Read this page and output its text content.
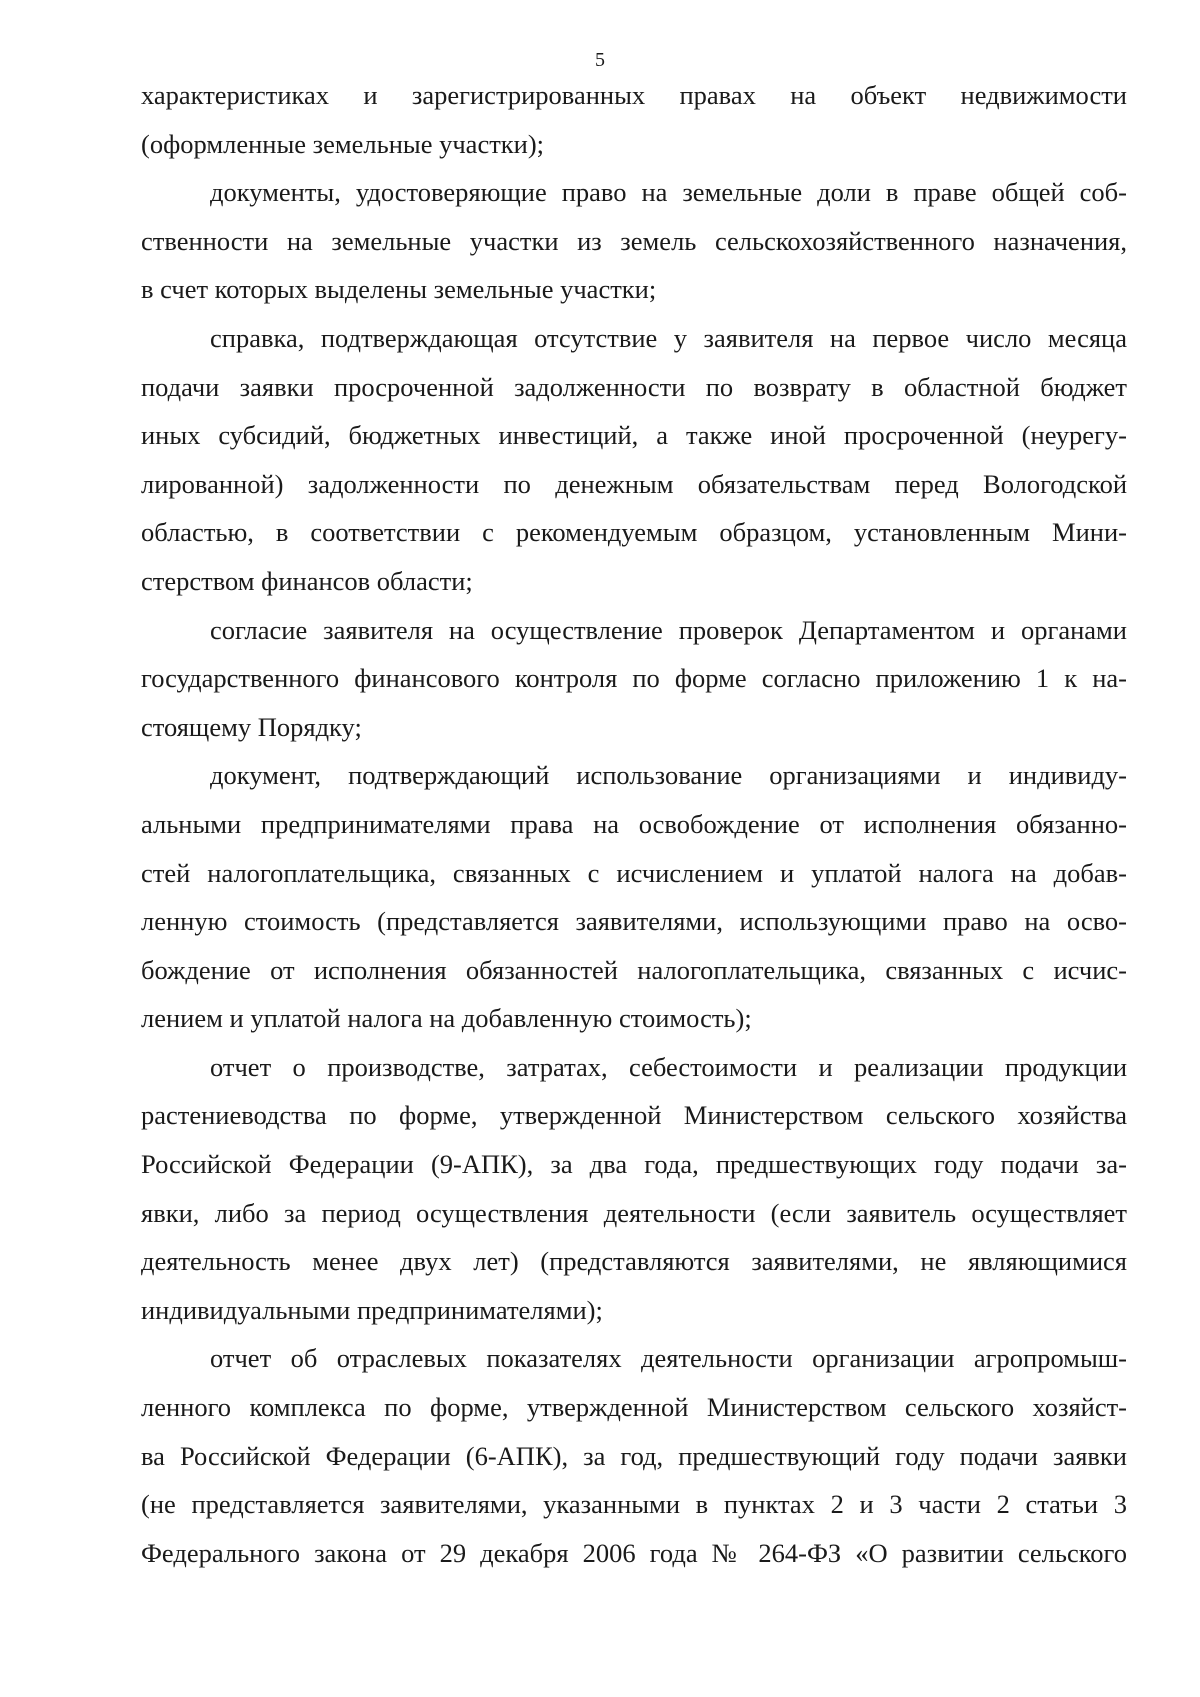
5
характеристиках и зарегистрированных правах на объект недвижимости
(оформленные земельные участки);
документы, удостоверяющие право на земельные доли в праве общей соб-
ственности на земельные участки из земель сельскохозяйственного назначения,
в счет которых выделены земельные участки;
справка, подтверждающая отсутствие у заявителя на первое число месяца
подачи заявки просроченной задолженности по возврату в областной бюджет
иных субсидий, бюджетных инвестиций, а также иной просроченной (неурегу-
лированной) задолженности по денежным обязательствам перед Вологодской
областью, в соответствии с рекомендуемым образцом, установленным Мини-
стерством финансов области;
согласие заявителя на осуществление проверок Департаментом и органами
государственного финансового контроля по форме согласно приложению 1 к на-
стоящему Порядку;
документ, подтверждающий использование организациями и индивиду-
альными предпринимателями права на освобождение от исполнения обязанно-
стей налогоплательщика, связанных с исчислением и уплатой налога на добав-
ленную стоимость (представляется заявителями, использующими право на осво-
бождение от исполнения обязанностей налогоплательщика, связанных с исчис-
лением и уплатой налога на добавленную стоимость);
отчет о производстве, затратах, себестоимости и реализации продукции
растениеводства по форме, утвержденной Министерством сельского хозяйства
Российской Федерации (9-АПК), за два года, предшествующих году подачи за-
явки, либо за период осуществления деятельности (если заявитель осуществляет
деятельность менее двух лет) (представляются заявителями, не являющимися
индивидуальными предпринимателями);
отчет об отраслевых показателях деятельности организации агропромыш-
ленного комплекса по форме, утвержденной Министерством сельского хозяйст-
ва Российской Федерации (6-АПК), за год, предшествующий году подачи заявки
(не представляется заявителями, указанными в пунктах 2 и 3 части 2 статьи 3
Федерального закона от 29 декабря 2006 года № 264-ФЗ «О развитии сельского
